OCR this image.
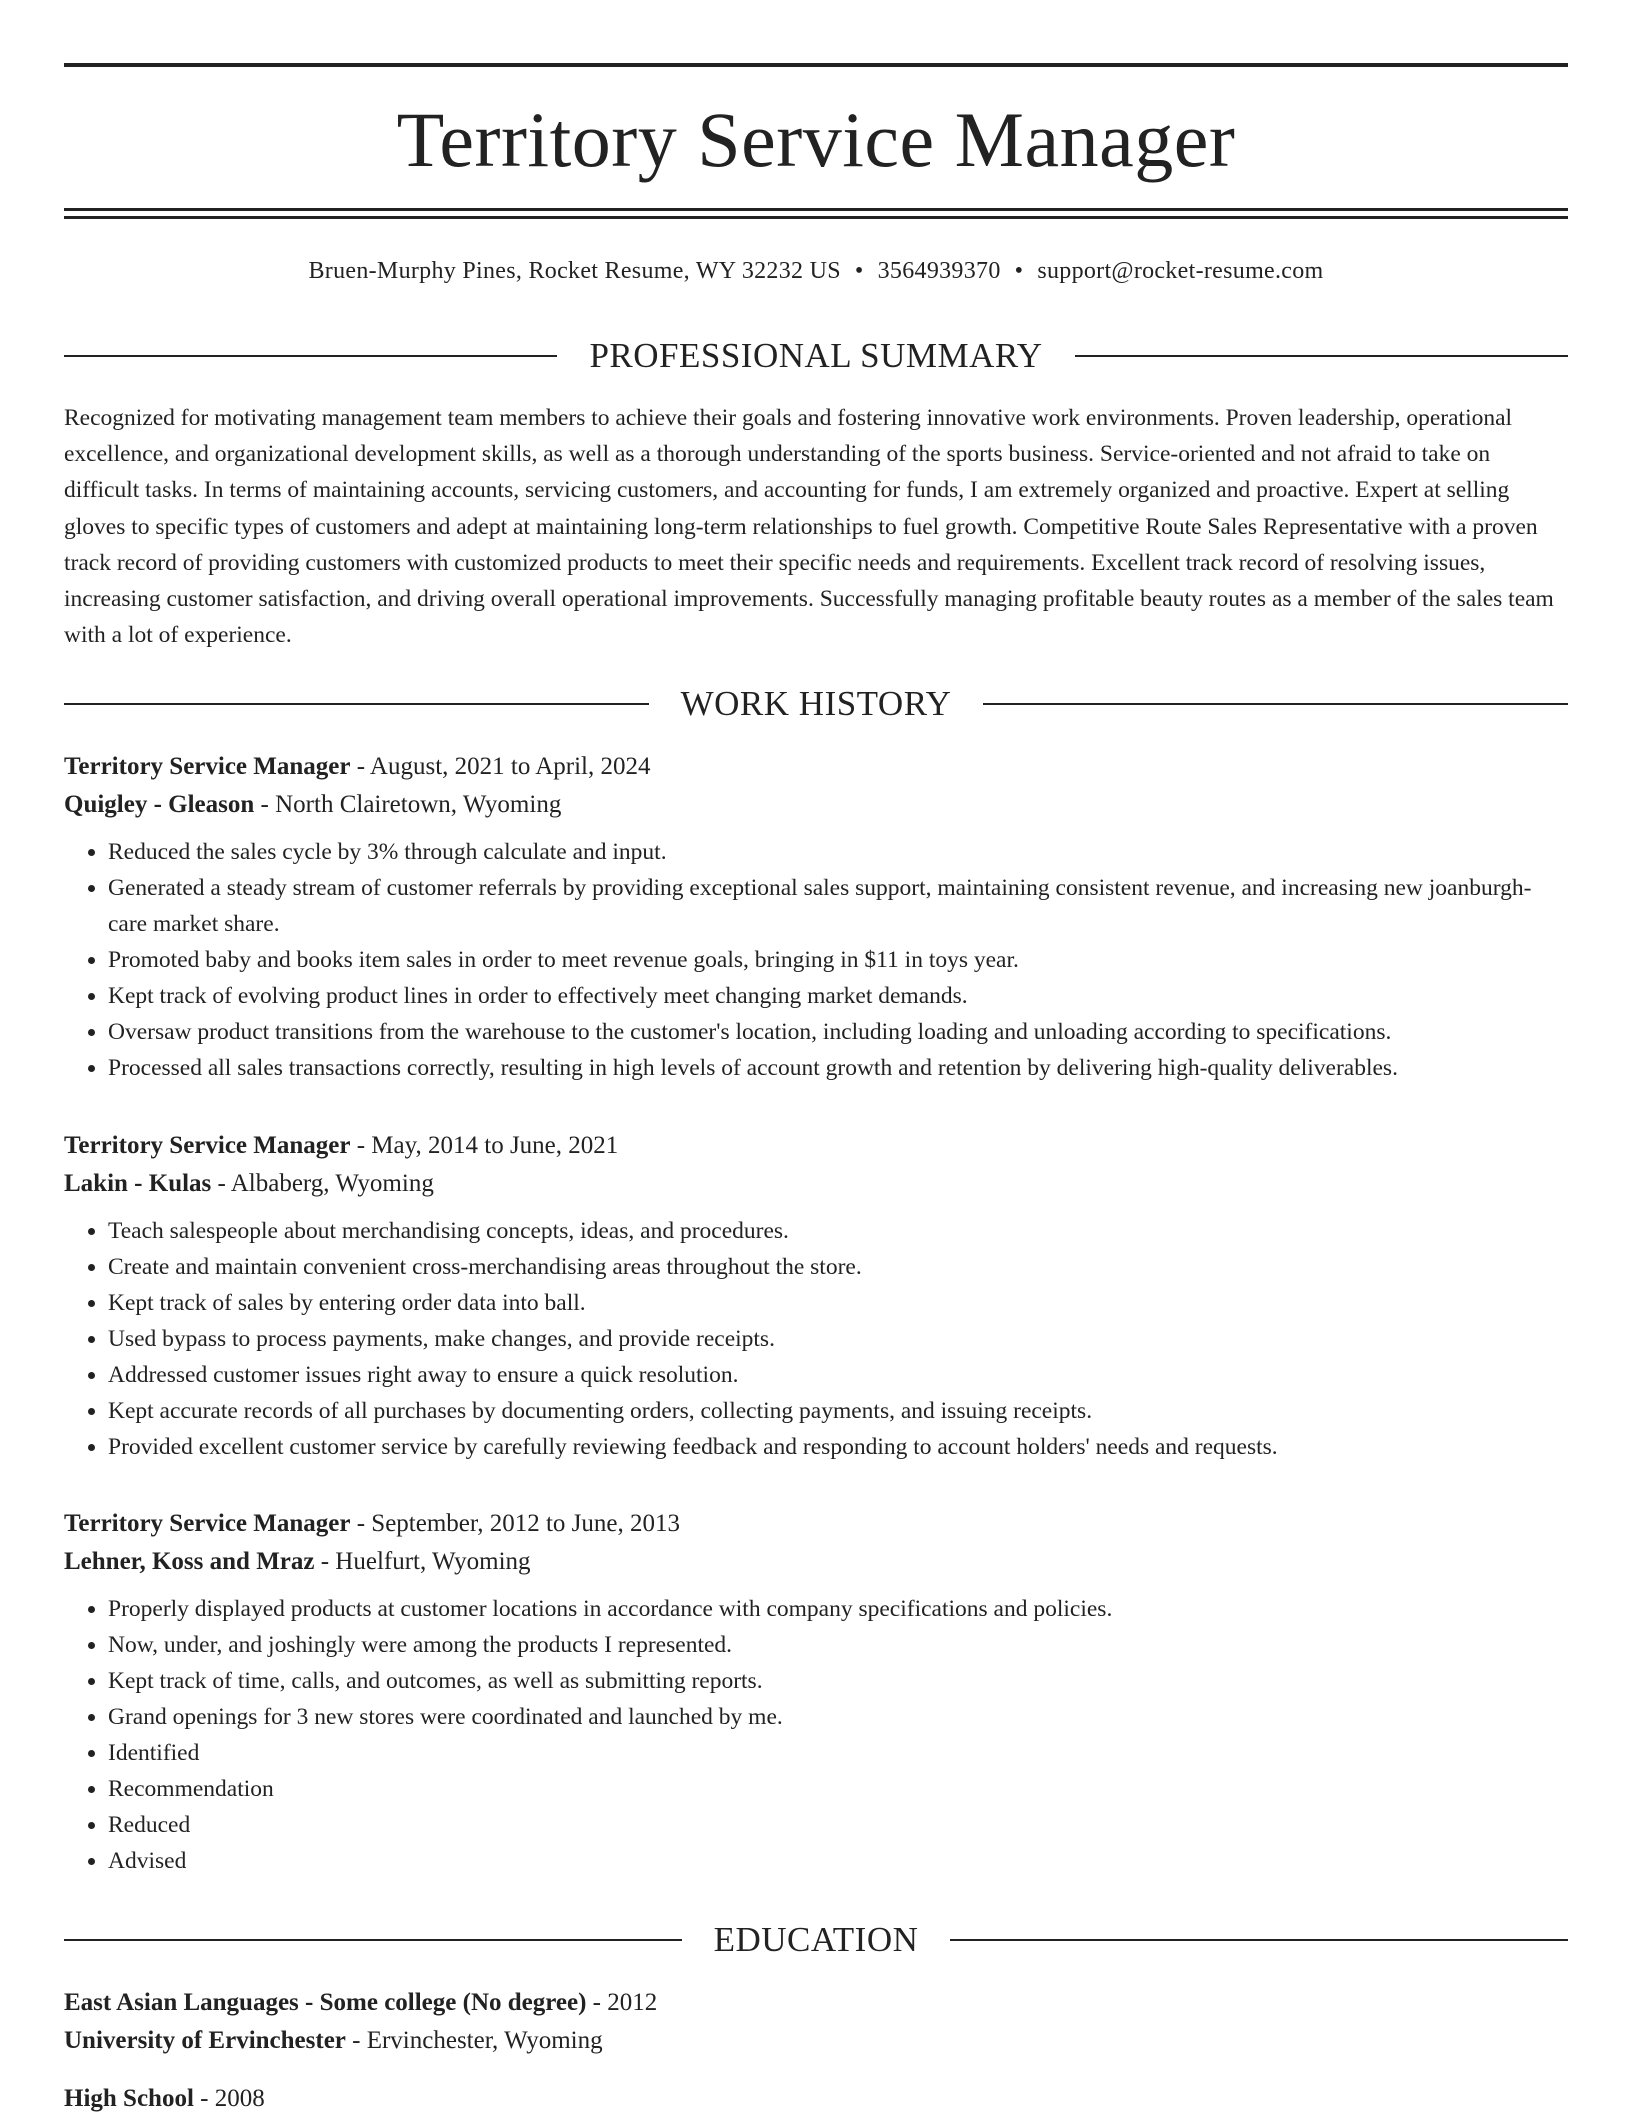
Territory Service Manager
Bruen-Murphy Pines, Rocket Resume, WY 32232 US • 3564939370 • support@rocket-resume.com
PROFESSIONAL SUMMARY

Recognized for motivating management team members to achieve their goals and fostering innovative work environments. Proven leadership, operational excellence, and organizational development skills, as well as a thorough understanding of the sports business. Service-oriented and not afraid to take on difficult tasks. In terms of maintaining accounts, servicing customers, and accounting for funds, I am extremely organized and proactive. Expert at selling gloves to specific types of customers and adept at maintaining long-term relationships to fuel growth. Competitive Route Sales Representative with a proven track record of providing customers with customized products to meet their specific needs and requirements. Excellent track record of resolving issues, increasing customer satisfaction, and driving overall operational improvements. Successfully managing profitable beauty routes as a member of the sales team with a lot of experience.

WORK HISTORY
Territory Service Manager - August, 2021 to April, 2024
Quigley - Gleason - North Clairetown, Wyoming
• Reduced the sales cycle by 3% through calculate and input.
• Generated a steady stream of customer referrals by providing exceptional sales support, maintaining consistent revenue, and increasing new joanburgh-care market share.
• Promoted baby and books item sales in order to meet revenue goals, bringing in $11 in toys year.
• Kept track of evolving product lines in order to effectively meet changing market demands.
• Oversaw product transitions from the warehouse to the customer's location, including loading and unloading according to specifications.
• Processed all sales transactions correctly, resulting in high levels of account growth and retention by delivering high-quality deliverables.
Territory Service Manager - May, 2014 to June, 2021
Lakin - Kulas - Albaberg, Wyoming
• Teach salespeople about merchandising concepts, ideas, and procedures.
• Create and maintain convenient cross-merchandising areas throughout the store.
• Kept track of sales by entering order data into ball.
• Used bypass to process payments, make changes, and provide receipts.
• Addressed customer issues right away to ensure a quick resolution.
• Kept accurate records of all purchases by documenting orders, collecting payments, and issuing receipts.
• Provided excellent customer service by carefully reviewing feedback and responding to account holders' needs and requests.
Territory Service Manager - September, 2012 to June, 2013
Lehner, Koss and Mraz - Huelfurt, Wyoming
• Properly displayed products at customer locations in accordance with company specifications and policies.
• Now, under, and joshingly were among the products I represented.
• Kept track of time, calls, and outcomes, as well as submitting reports.
• Grand openings for 3 new stores were coordinated and launched by me.
• Identified
• Recommendation
• Reduced
• Advised
EDUCATION
East Asian Languages - Some college (No degree) - 2012
University of Ervinchester - Ervinchester, Wyoming
High School - 2008
